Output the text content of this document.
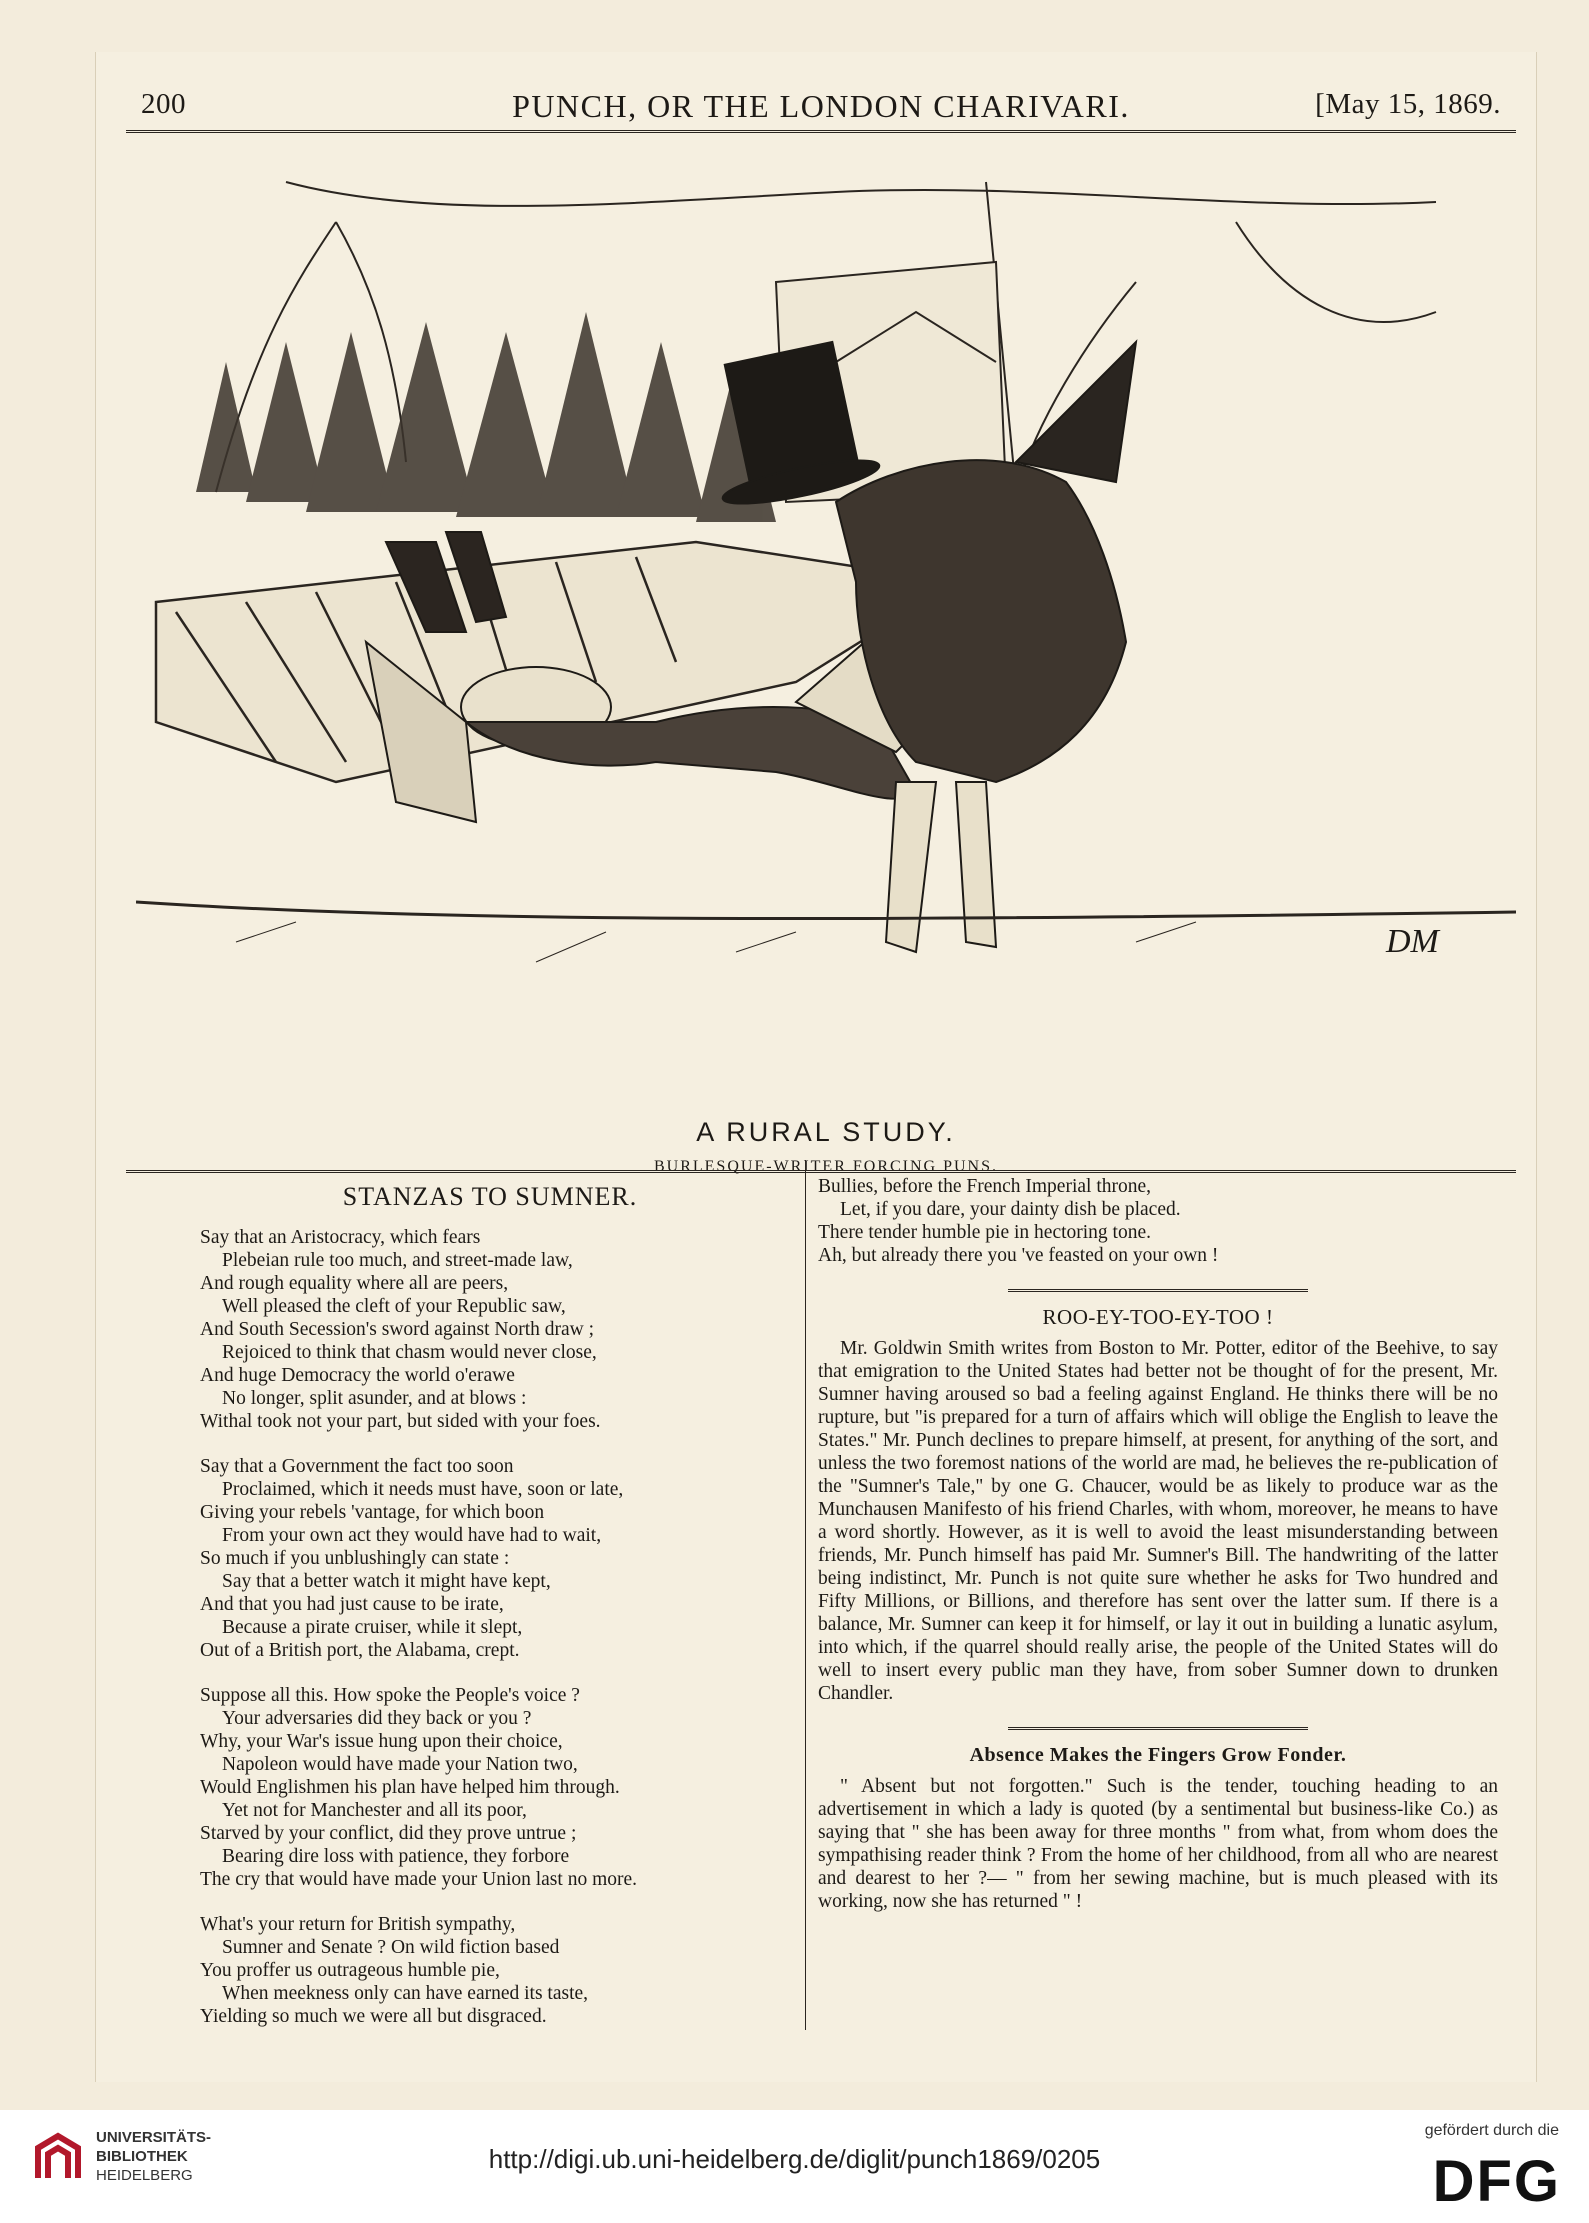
200	PUNCH, OR THE LONDON CHARIVARI.	[May 15, 1869.
DM
A RURAL STUDY.
BURLESQUE-WRITER FORCING PUNS.
STANZAS TO SUMNER.
Say that an Aristocracy, which fears
Plebeian rule too much, and street-made law,
And rough equality where all are peers,
Well pleased the cleft of your Republic saw,
And South Secession's sword against North draw ;
Rejoiced to think that chasm would never close,
And huge Democracy the world o'erawe
No longer, split asunder, and at blows :
Withal took not your part, but sided with your foes.
Say that a Government the fact too soon
Proclaimed, which it needs must have, soon or late,
Giving your rebels 'vantage, for which boon
From your own act they would have had to wait,
So much if you unblushingly can state :
Say that a better watch it might have kept,
And that you had just cause to be irate,
Because a pirate cruiser, while it slept,
Out of a British port, the Alabama, crept.
Suppose all this. How spoke the People's voice ?
Your adversaries did they back or you ?
Why, your War's issue hung upon their choice,
Napoleon would have made your Nation two,
Would Englishmen his plan have helped him through.
Yet not for Manchester and all its poor,
Starved by your conflict, did they prove untrue ;
Bearing dire loss with patience, they forbore
The cry that would have made your Union last no more.
What's your return for British sympathy,
Sumner and Senate ? On wild fiction based
You proffer us outrageous humble pie,
When meekness only can have earned its taste,
Yielding so much we were all but disgraced.
Bullies, before the French Imperial throne,
Let, if you dare, your dainty dish be placed.
There tender humble pie in hectoring tone.
Ah, but already there you 've feasted on your own !
ROO-EY-TOO-EY-TOO !
Mr. Goldwin Smith writes from Boston to Mr. Potter, editor of the Beehive, to say that emigration to the United States had better not be thought of for the present, Mr. Sumner having aroused so bad a feeling against England. He thinks there will be no rupture, but "is prepared for a turn of affairs which will oblige the English to leave the States." Mr. Punch declines to prepare himself, at present, for anything of the sort, and unless the two foremost nations of the world are mad, he believes the re-publication of the "Sumner's Tale," by one G. Chaucer, would be as likely to produce war as the Munchausen Manifesto of his friend Charles, with whom, moreover, he means to have a word shortly. However, as it is well to avoid the least misunderstanding between friends, Mr. Punch himself has paid Mr. Sumner's Bill. The handwriting of the latter being indistinct, Mr. Punch is not quite sure whether he asks for Two hundred and Fifty Millions, or Billions, and therefore has sent over the latter sum. If there is a balance, Mr. Sumner can keep it for himself, or lay it out in building a lunatic asylum, into which, if the quarrel should really arise, the people of the United States will do well to insert every public man they have, from sober Sumner down to drunken Chandler.
Absence Makes the Fingers Grow Fonder.
" Absent but not forgotten." Such is the tender, touching heading to an advertisement in which a lady is quoted (by a sentimental but business-like Co.) as saying that " she has been away for three months " from what, from whom does the sympathising reader think ? From the home of her childhood, from all who are nearest and dearest to her ?— " from her sewing machine, but is much pleased with its working, now she has returned " !
UNIVERSITÄTS-
BIBLIOTHEK
HEIDELBERG
http://digi.ub.uni-heidelberg.de/diglit/punch1869/0205
gefördert durch die
DFG
